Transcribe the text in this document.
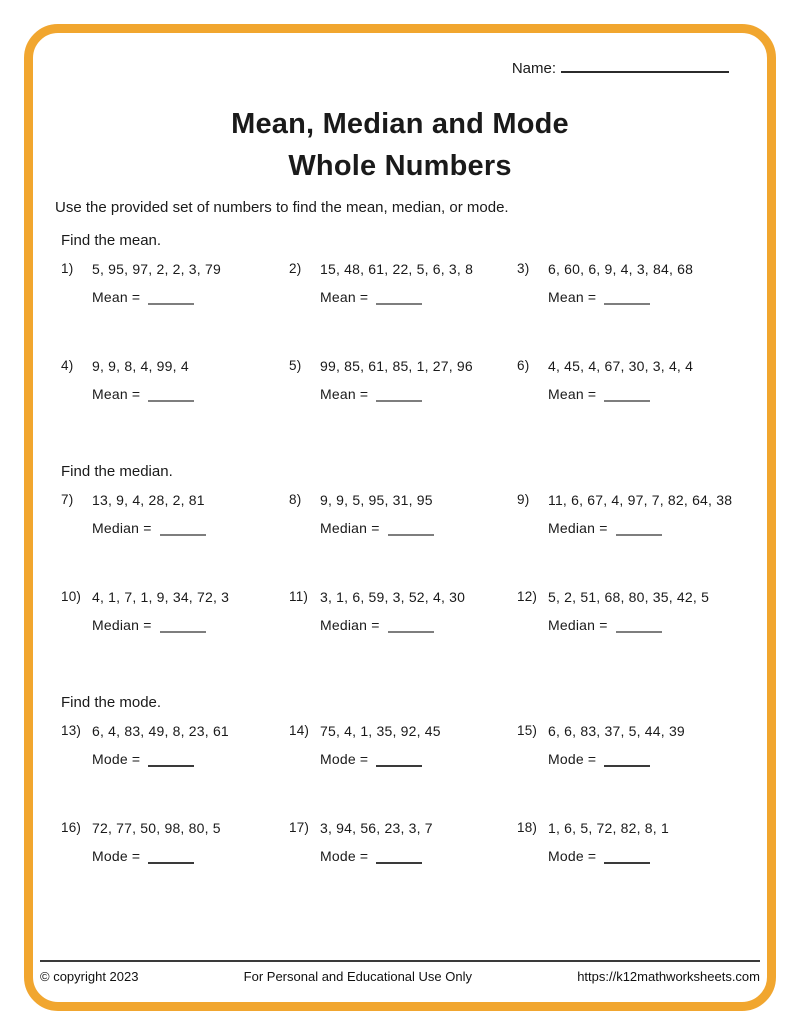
Name:
Mean, Median and Mode
Whole Numbers
Use the provided set of numbers to find the mean, median, or mode.
Find the mean.
1)	5, 95, 97, 2, 2, 3, 79
Mean =
2)	15, 48, 61, 22, 5, 6, 3, 8
Mean =
3)	6, 60, 6, 9, 4, 3, 84, 68
Mean =
4)	9, 9, 8, 4, 99, 4
Mean =
5)	99, 85, 61, 85, 1, 27, 96
Mean =
6)	4, 45, 4, 67, 30, 3, 4, 4
Mean =
Find the median.
7)	13, 9, 4, 28, 2, 81
Median =
8)	9, 9, 5, 95, 31, 95
Median =
9)	11, 6, 67, 4, 97, 7, 82, 64, 38
Median =
10) 4, 1, 7, 1, 9, 34, 72, 3
Median =
11) 3, 1, 6, 59, 3, 52, 4, 30
Median =
12) 5, 2, 51, 68, 80, 35, 42, 5
Median =
Find the mode.
13) 6, 4, 83, 49, 8, 23, 61
Mode =
14) 75, 4, 1, 35, 92, 45
Mode =
15) 6, 6, 83, 37, 5, 44, 39
Mode =
16) 72, 77, 50, 98, 80, 5
Mode =
17) 3, 94, 56, 23, 3, 7
Mode =
18) 1, 6, 5, 72, 82, 8, 1
Mode =
© copyright 2023	For Personal and Educational Use Only	https://k12mathworksheets.com
